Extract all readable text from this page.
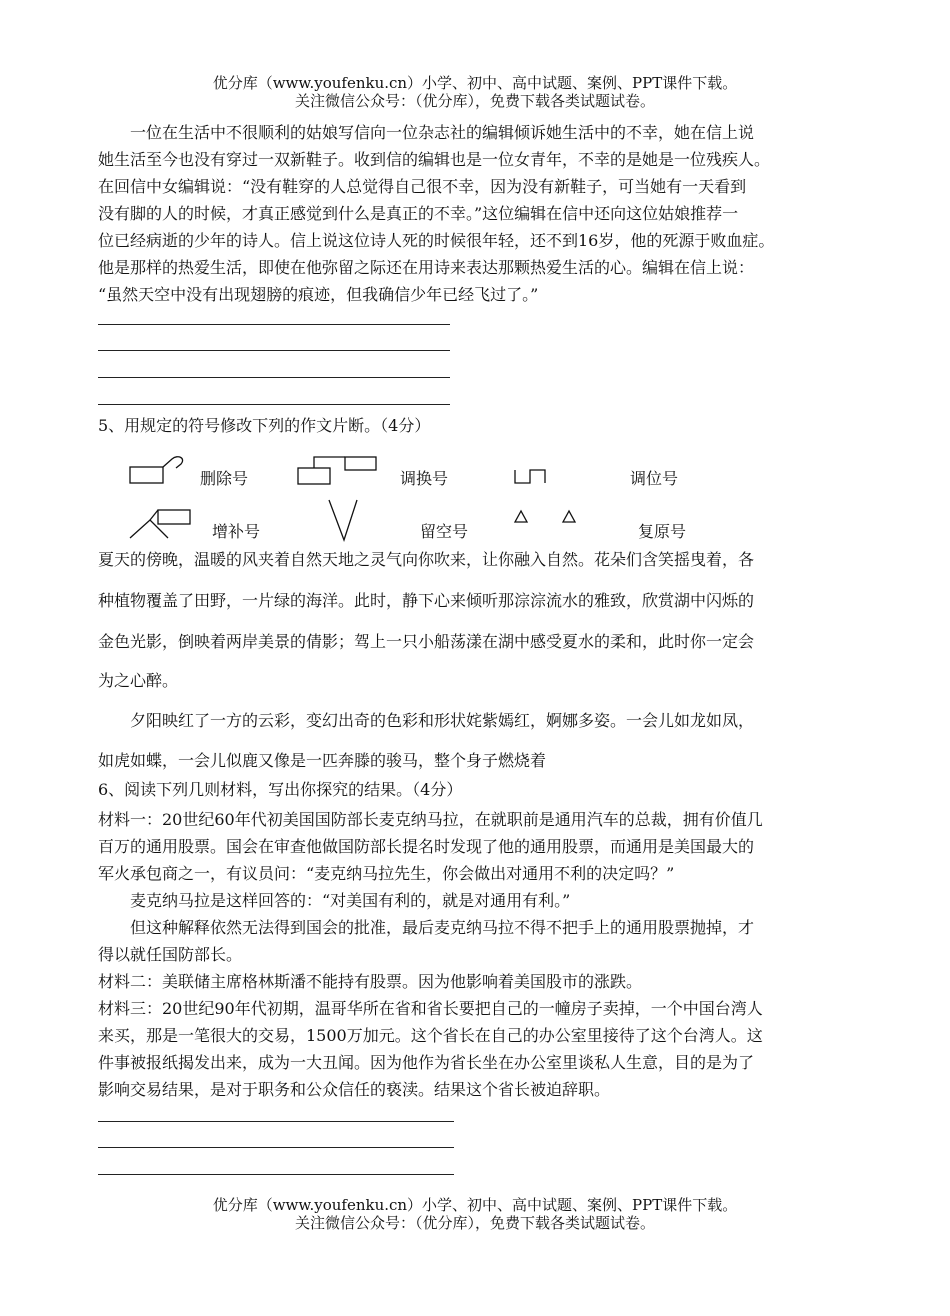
优分库（www.youfenku.cn）小学、初中、高中试题、案例、PPT课件下载。
关注微信公众号：（优分库），免费下载各类试题试卷。
　　一位在生活中不很顺利的姑娘写信向一位杂志社的编辑倾诉她生活中的不幸，她在信上说
她生活至今也没有穿过一双新鞋子。收到信的编辑也是一位女青年，不幸的是她是一位残疾人。
在回信中女编辑说：“没有鞋穿的人总觉得自己很不幸，因为没有新鞋子，可当她有一天看到
没有脚的人的时候，才真正感觉到什么是真正的不幸。”这位编辑在信中还向这位姑娘推荐一
位已经病逝的少年的诗人。信上说这位诗人死的时候很年轻，还不到16岁，他的死源于败血症。
他是那样的热爱生活，即使在他弥留之际还在用诗来表达那颗热爱生活的心。编辑在信上说：
“虽然天空中没有出现翅膀的痕迹，但我确信少年已经飞过了。”
5、用规定的符号修改下列的作文片断。（4分）
删除号	调换号	调位号
增补号	留空号	复原号
夏天的傍晚，温暖的风夹着自然天地之灵气向你吹来，让你融入自然。花朵们含笑摇曳着，各
种植物覆盖了田野，一片绿的海洋。此时，静下心来倾听那淙淙流水的雅致，欣赏湖中闪烁的
金色光影，倒映着两岸美景的倩影；驾上一只小船荡漾在湖中感受夏水的柔和，此时你一定会
为之心醉。
　　夕阳映红了一方的云彩，变幻出奇的色彩和形状姹紫嫣红，婀娜多姿。一会儿如龙如凤，
如虎如蝶，一会儿似鹿又像是一匹奔滕的骏马，整个身子燃烧着
6、阅读下列几则材料，写出你探究的结果。（4分）
材料一：20世纪60年代初美国国防部长麦克纳马拉，在就职前是通用汽车的总裁，拥有价值几
百万的通用股票。国会在审查他做国防部长提名时发现了他的通用股票，而通用是美国最大的
军火承包商之一，有议员问：“麦克纳马拉先生，你会做出对通用不利的决定吗？”
　　麦克纳马拉是这样回答的：“对美国有利的，就是对通用有利。”
　　但这种解释依然无法得到国会的批准，最后麦克纳马拉不得不把手上的通用股票抛掉，才
得以就任国防部长。
材料二：美联储主席格林斯潘不能持有股票。因为他影响着美国股市的涨跌。
材料三：20世纪90年代初期，温哥华所在省和省长要把自己的一幢房子卖掉，一个中国台湾人
来买，那是一笔很大的交易，1500万加元。这个省长在自己的办公室里接待了这个台湾人。这
件事被报纸揭发出来，成为一大丑闻。因为他作为省长坐在办公室里谈私人生意，目的是为了
影响交易结果，是对于职务和公众信任的亵渎。结果这个省长被迫辞职。
优分库（www.youfenku.cn）小学、初中、高中试题、案例、PPT课件下载。
关注微信公众号：（优分库），免费下载各类试题试卷。
